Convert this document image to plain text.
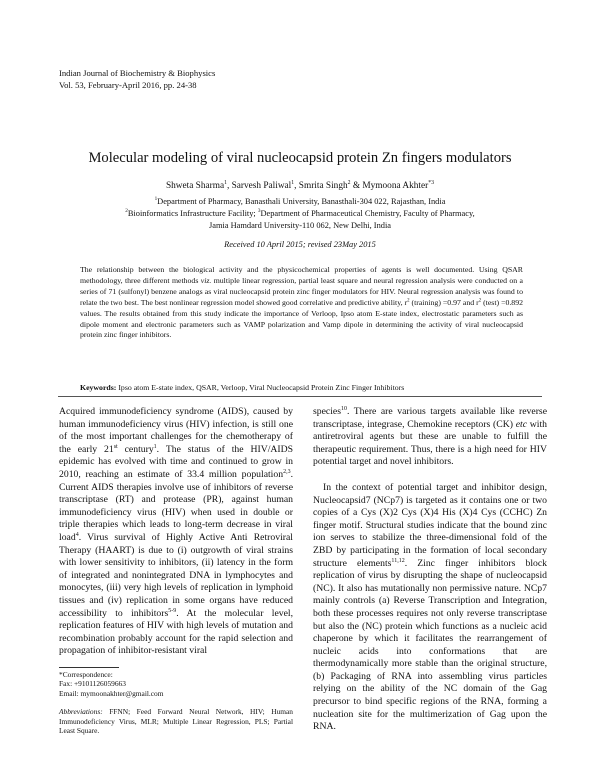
Indian Journal of Biochemistry & Biophysics
Vol. 53, February-April 2016, pp. 24-38
Molecular modeling of viral nucleocapsid protein Zn fingers modulators
Shweta Sharma$^1$, Sarvesh Paliwal$^1$, Smrita Singh$^2$ & Mymoona Akhter$^{*3}$
$^1$Department of Pharmacy, Banasthali University, Banasthali-304 022, Rajasthan, India
$^2$Bioinformatics Infrastructure Facility; $^3$Department of Pharmaceutical Chemistry, Faculty of Pharmacy,
Jamia Hamdard University-110 062, New Delhi, India
Received 10 April 2015; revised 23May 2015
The relationship between the biological activity and the physicochemical properties of agents is well documented. Using QSAR methodology, three different methods viz. multiple linear regression, partial least square and neural regression analysis were conducted on a series of 71 (sulfonyl) benzene analogs as viral nucleocapsid protein zinc finger modulators for HIV. Neural regression analysis was found to relate the two best. The best nonlinear regression model showed good correlative and predictive ability, $r^2$ (training) =0.97 and $r^2$ (test) =0.892 values. The results obtained from this study indicate the importance of Verloop, Ipso atom E-state index, electrostatic parameters such as dipole moment and electronic parameters such as VAMP polarization and Vamp dipole in determining the activity of viral nucleocapsid protein zinc finger inhibitors.
Keywords: Ipso atom E-state index, QSAR, Verloop, Viral Nucleocapsid Protein Zinc Finger Inhibitors

Acquired immunodeficiency syndrome (AIDS), caused by human immunodeficiency virus (HIV) infection, is still one of the most important challenges for the chemotherapy of the early 21st century$^1$. The status of the HIV/AIDS epidemic has evolved with time and continued to grow in 2010, reaching an estimate of 33.4 million population$^{2,3}$. Current AIDS therapies involve use of inhibitors of reverse transcriptase (RT) and protease (PR), against human immunodeficiency virus (HIV) when used in double or triple therapies which leads to long-term decrease in viral load$^4$. Virus survival of Highly Active Anti Retroviral Therapy (HAART) is due to (i) outgrowth of viral strains with lower sensitivity to inhibitors, (ii) latency in the form of integrated and nonintegrated DNA in lymphocytes and monocytes, (iii) very high levels of replication in lymphoid tissues and (iv) replication in some organs have reduced accessibility to inhibitors$^{5-9}$. At the molecular level, replication features of HIV with high levels of mutation and recombination probably account for the rapid selection and propagation of inhibitor-resistant viral

*Correspondence:

Fax: +9101126059663

Email: mymoonakhter@gmail.com

Abbreviations: FFNN; Feed Forward Neural Network, HIV; Human Immunodeficiency Virus, MLR; Multiple Linear Regression, PLS; Partial Least Square.

species$^{10}$. There are various targets available like reverse transcriptase, integrase, Chemokine receptors (CK) etc with antiretroviral agents but these are unable to fulfill the therapeutic requirement. Thus, there is a high need for HIV potential target and novel inhibitors.

In the context of potential target and inhibitor design, Nucleocapsid7 (NCp7) is targeted as it contains one or two copies of a Cys (X)2 Cys (X)4 His (X)4 Cys (CCHC) Zn finger motif. Structural studies indicate that the bound zinc ion serves to stabilize the three-dimensional fold of the ZBD by participating in the formation of local secondary structure elements$^{11,12}$. Zinc finger inhibitors block replication of virus by disrupting the shape of nucleocapsid (NC). It also has mutationally non permissive nature. NCp7 mainly controls (a) Reverse Transcription and Integration, both these processes requires not only reverse transcriptase but also the (NC) protein which functions as a nucleic acid chaperone by which it facilitates the rearrangement of nucleic acids into conformations that are thermodynamically more stable than the original structure, (b) Packaging of RNA into assembling virus particles relying on the ability of the NC domain of the Gag precursor to bind specific regions of the RNA, forming a nucleation site for the multimerization of Gag upon the RNA.
